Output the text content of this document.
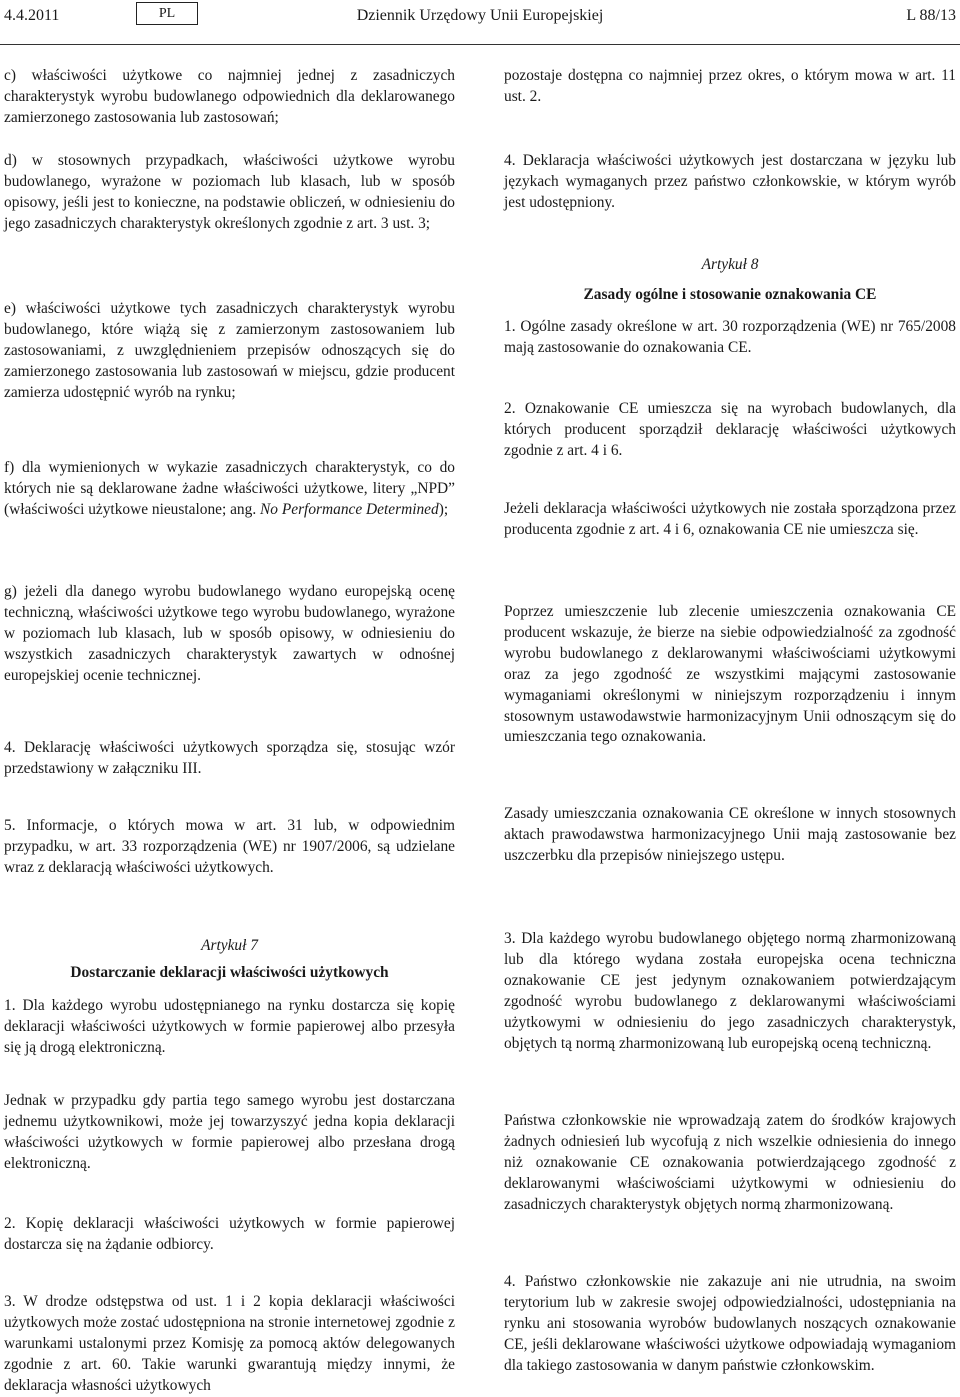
4.4.2011	PL	Dziennik Urzędowy Unii Europejskiej	L 88/13

c) właściwości użytkowe co najmniej jednej z zasadniczych charakterystyk wyrobu budowlanego odpowiednich dla deklarowanego zamierzonego zastosowania lub zastosowań;

d) w stosownych przypadkach, właściwości użytkowe wyrobu budowlanego, wyrażone w poziomach lub klasach, lub w sposób opisowy, jeśli jest to konieczne, na podstawie obliczeń, w odniesieniu do jego zasadniczych charakterystyk określonych zgodnie z art. 3 ust. 3;

e) właściwości użytkowe tych zasadniczych charakterystyk wyrobu budowlanego, które wiążą się z zamierzonym zastosowaniem lub zastosowaniami, z uwzględnieniem przepisów odnoszących się do zamierzonego zastosowania lub zastosowań w miejscu, gdzie producent zamierza udostępnić wyrób na rynku;

f) dla wymienionych w wykazie zasadniczych charakterystyk, co do których nie są deklarowane żadne właściwości użytkowe, litery „NPD” (właściwości użytkowe nieustalone; ang. No Performance Determined);

g) jeżeli dla danego wyrobu budowlanego wydano europejską ocenę techniczną, właściwości użytkowe tego wyrobu budowlanego, wyrażone w poziomach lub klasach, lub w sposób opisowy, w odniesieniu do wszystkich zasadniczych charakterystyk zawartych w odnośnej europejskiej ocenie technicznej.

4. Deklarację właściwości użytkowych sporządza się, stosując wzór przedstawiony w załączniku III.

5. Informacje, o których mowa w art. 31 lub, w odpowiednim przypadku, w art. 33 rozporządzenia (WE) nr 1907/2006, są udzielane wraz z deklaracją właściwości użytkowych.

Artykuł 7

Dostarczanie deklaracji właściwości użytkowych

1. Dla każdego wyrobu udostępnianego na rynku dostarcza się kopię deklaracji właściwości użytkowych w formie papierowej albo przesyła się ją drogą elektroniczną.

Jednak w przypadku gdy partia tego samego wyrobu jest dostarczana jednemu użytkownikowi, może jej towarzyszyć jedna kopia deklaracji właściwości użytkowych w formie papierowej albo przesłana drogą elektroniczną.

2. Kopię deklaracji właściwości użytkowych w formie papierowej dostarcza się na żądanie odbiorcy.

3. W drodze odstępstwa od ust. 1 i 2 kopia deklaracji właściwości użytkowych może zostać udostępniona na stronie internetowej zgodnie z warunkami ustalonymi przez Komisję za pomocą aktów delegowanych zgodnie z art. 60. Takie warunki gwarantują między innymi, że deklaracja własności użytkowych

pozostaje dostępna co najmniej przez okres, o którym mowa w art. 11 ust. 2.

4. Deklaracja właściwości użytkowych jest dostarczana w języku lub językach wymaganych przez państwo członkowskie, w którym wyrób jest udostępniony.

Artykuł 8

Zasady ogólne i stosowanie oznakowania CE

1. Ogólne zasady określone w art. 30 rozporządzenia (WE) nr 765/2008 mają zastosowanie do oznakowania CE.

2. Oznakowanie CE umieszcza się na wyrobach budowlanych, dla których producent sporządził deklarację właściwości użytkowych zgodnie z art. 4 i 6.

Jeżeli deklaracja właściwości użytkowych nie została sporządzona przez producenta zgodnie z art. 4 i 6, oznakowania CE nie umieszcza się.

Poprzez umieszczenie lub zlecenie umieszczenia oznakowania CE producent wskazuje, że bierze na siebie odpowiedzialność za zgodność wyrobu budowlanego z deklarowanymi właściwościami użytkowymi oraz za jego zgodność ze wszystkimi mającymi zastosowanie wymaganiami określonymi w niniejszym rozporządzeniu i innym stosownym ustawodawstwie harmonizacyjnym Unii odnoszącym się do umieszczania tego oznakowania.

Zasady umieszczania oznakowania CE określone w innych stosownych aktach prawodawstwa harmonizacyjnego Unii mają zastosowanie bez uszczerbku dla przepisów niniejszego ustępu.

3. Dla każdego wyrobu budowlanego objętego normą zharmonizowaną lub dla którego wydana została europejska ocena techniczna oznakowanie CE jest jedynym oznakowaniem potwierdzającym zgodność wyrobu budowlanego z deklarowanymi właściwościami użytkowymi w odniesieniu do jego zasadniczych charakterystyk, objętych tą normą zharmonizowaną lub europejską oceną techniczną.

Państwa członkowskie nie wprowadzają zatem do środków krajowych żadnych odniesień lub wycofują z nich wszelkie odniesienia do innego niż oznakowanie CE oznakowania potwierdzającego zgodność z deklarowanymi właściwościami użytkowymi w odniesieniu do zasadniczych charakterystyk objętych normą zharmonizowaną.

4. Państwo członkowskie nie zakazuje ani nie utrudnia, na swoim terytorium lub w zakresie swojej odpowiedzialności, udostępniania na rynku ani stosowania wyrobów budowlanych noszących oznakowanie CE, jeśli deklarowane właściwości użytkowe odpowiadają wymaganiom dla takiego zastosowania w danym państwie członkowskim.
